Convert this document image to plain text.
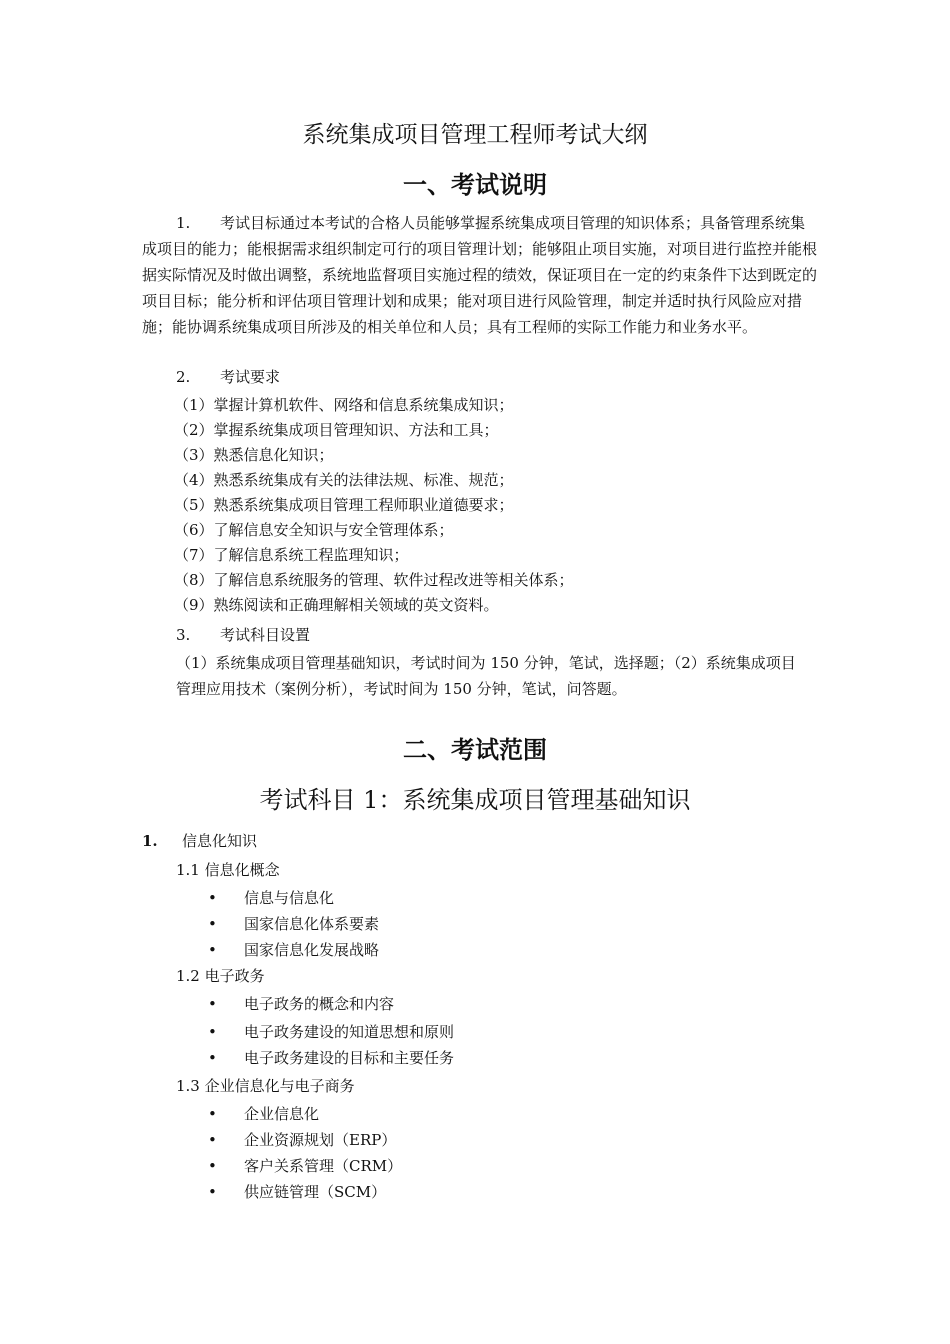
系统集成项目管理工程师考试大纲
一、考试说明
1. 考试目标通过本考试的合格人员能够掌握系统集成项目管理的知识体系；具备管理系统集成项目的能力；能根据需求组织制定可行的项目管理计划；能够阻止项目实施，对项目进行监控并能根据实际情况及时做出调整，系统地监督项目实施过程的绩效，保证项目在一定的约束条件下达到既定的项目目标；能分析和评估项目管理计划和成果；能对项目进行风险管理，制定并适时执行风险应对措施；能协调系统集成项目所涉及的相关单位和人员；具有工程师的实际工作能力和业务水平。
2. 考试要求
（1）掌握计算机软件、网络和信息系统集成知识；
（2）掌握系统集成项目管理知识、方法和工具；
（3）熟悉信息化知识；
（4）熟悉系统集成有关的法律法规、标准、规范；
（5）熟悉系统集成项目管理工程师职业道德要求；
（6）了解信息安全知识与安全管理体系；
（7）了解信息系统工程监理知识；
（8）了解信息系统服务的管理、软件过程改进等相关体系；
（9）熟练阅读和正确理解相关领域的英文资料。
3. 考试科目设置
（1）系统集成项目管理基础知识，考试时间为 150 分钟，笔试，选择题；（2）系统集成项目管理应用技术（案例分析），考试时间为 150 分钟，笔试，问答题。
二、考试范围
考试科目 1：系统集成项目管理基础知识
1. 信息化知识
1.1 信息化概念
• 信息与信息化
• 国家信息化体系要素
• 国家信息化发展战略
1.2 电子政务
• 电子政务的概念和内容
• 电子政务建设的知道思想和原则
• 电子政务建设的目标和主要任务
1.3 企业信息化与电子商务
• 企业信息化
• 企业资源规划（ERP）
• 客户关系管理（CRM）
• 供应链管理（SCM）
